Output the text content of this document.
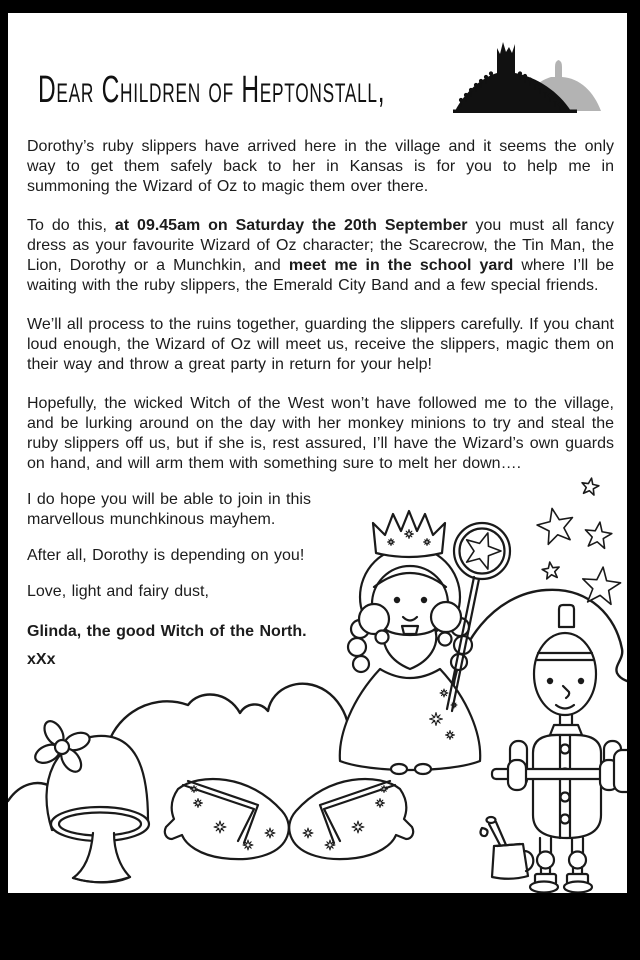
Dear Children of Heptonstall,

Dorothy’s ruby slippers have arrived here in the village and it seems the only way to get them safely back to her in Kansas is for you to help me in summoning the Wizard of Oz to magic them over there.

To do this, at 09.45am on Saturday the 20th September you must all fancy dress as your favourite Wizard of Oz character; the Scarecrow, the Tin Man, the Lion, Dorothy or a Munchkin, and meet me in the school yard where I’ll be waiting with the ruby slippers, the Emerald City Band and a few special friends.

We’ll all process to the ruins together, guarding the slippers carefully. If you chant loud enough, the Wizard of Oz will meet us, receive the slippers, magic them on their way and throw a great party in return for your help!

Hopefully, the wicked Witch of the West won’t have followed me to the village, and be lurking around on the day with her monkey minions to try and steal the ruby slippers off us, but if she is, rest assured, I’ll have the Wizard’s own guards on hand, and will arm them with something sure to melt her down….

I do hope you will be able to join in this marvellous munchkinous mayhem.

After all, Dorothy is depending on you!

Love, light and fairy dust,

Glinda, the good Witch of the North.

xXx
